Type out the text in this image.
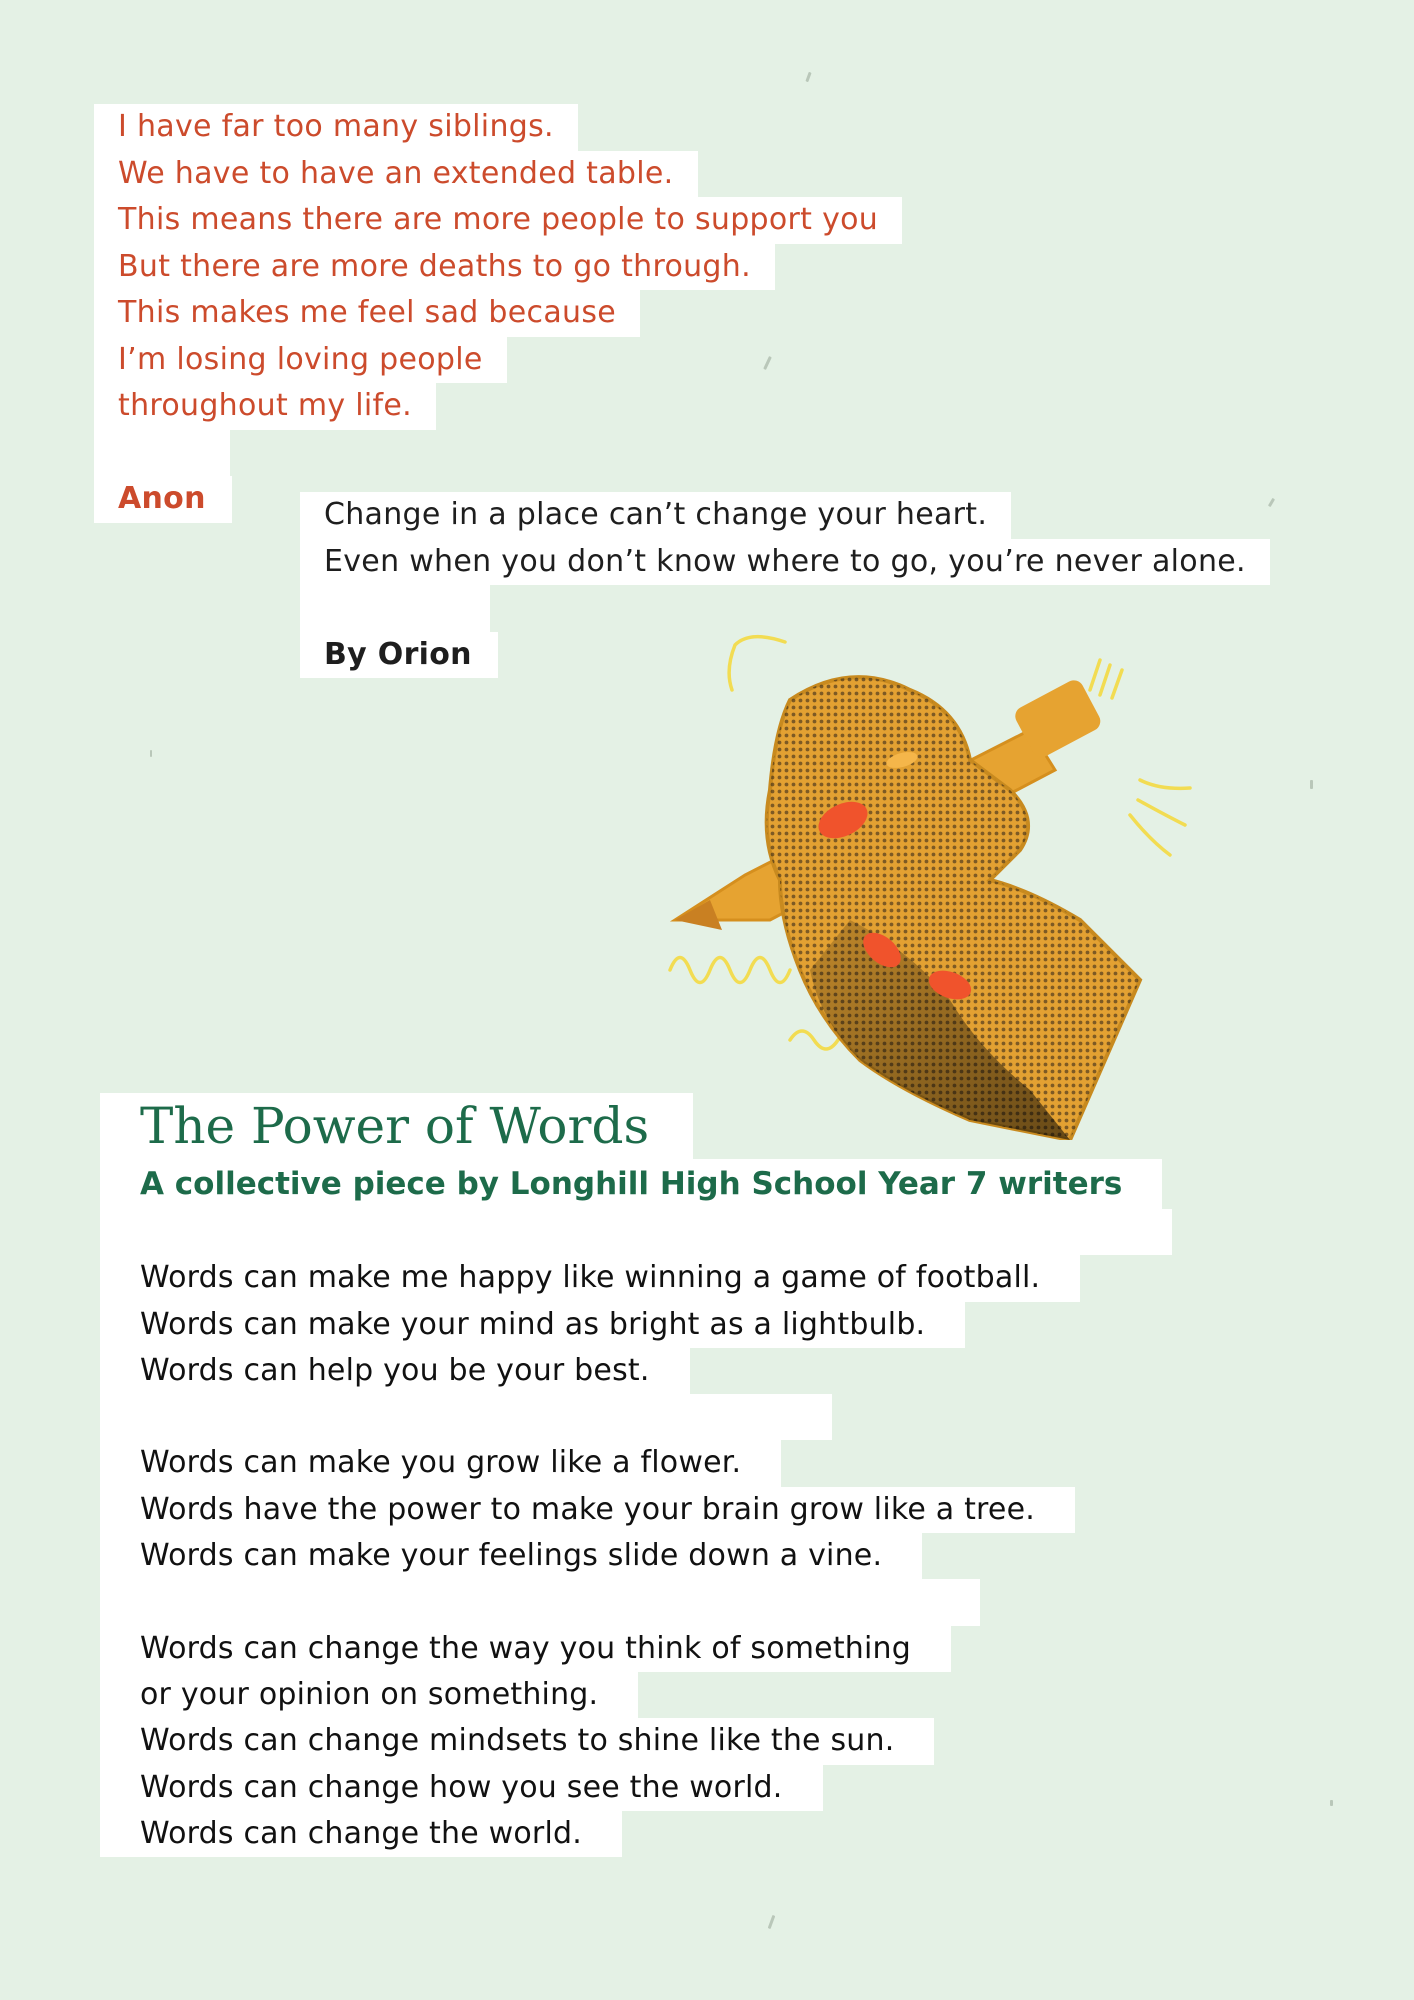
I have far too many siblings.
We have to have an extended table.
This means there are more people to support you
But there are more deaths to go through.
This makes me feel sad because
I’m losing loving people
throughout my life.
Anon	Change in a place can’t change your heart.
Even when you don’t know where to go, you’re never alone.
By Orion
The Power of Words
A collective piece by Longhill High School Year 7 writers
Words can make me happy like winning a game of football.
Words can make your mind as bright as a lightbulb.
Words can help you be your best.
Words can make you grow like a flower.
Words have the power to make your brain grow like a tree.
Words can make your feelings slide down a vine.
Words can change the way you think of something
or your opinion on something.
Words can change mindsets to shine like the sun.
Words can change how you see the world.
Words can change the world.
